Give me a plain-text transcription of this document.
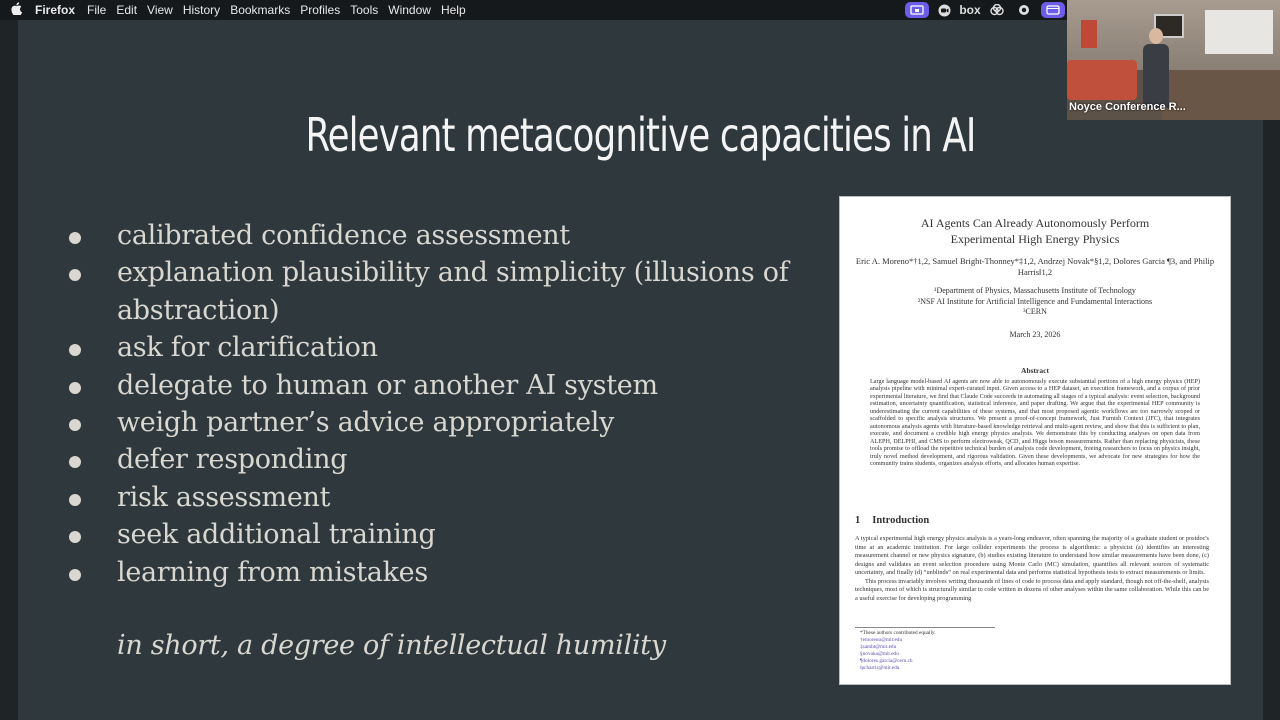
Firefox	File Edit View History Bookmarks Profiles Tools Window Help	box
Relevant metacognitive capacities in AI
calibrated confidence assessment
explanation plausibility and simplicity (illusions of abstraction)
ask for clarification
delegate to human or another AI system
weigh partner’s advice appropriately
defer responding
risk assessment
seek additional training
learning from mistakes
in short, a degree of intellectual humility
AI Agents Can Already Autonomously Perform
Experimental High Energy Physics
Eric A. Moreno*†1,2, Samuel Bright-Thonney*‡1,2, Andrzej Novak*§1,2, Dolores Garcia ¶3, and Philip Harris‖1,2
¹Department of Physics, Massachusetts Institute of Technology
²NSF AI Institute for Artificial Intelligence and Fundamental Interactions
³CERN
March 23, 2026
Abstract
Large language model-based AI agents are now able to autonomously execute substantial portions of a high energy physics (HEP) analysis pipeline with minimal expert-curated input. Given access to a HEP dataset, an execution framework, and a corpus of prior experimental literature, we find that Claude Code succeeds in automating all stages of a typical analysis: event selection, background estimation, uncertainty quantification, statistical inference, and paper drafting. We argue that the experimental HEP community is underestimating the current capabilities of these systems, and that most proposed agentic workflows are too narrowly scoped or scaffolded to specific analysis structures. We present a proof-of-concept framework, Just Furnish Context (JFC), that integrates autonomous analysis agents with literature-based knowledge retrieval and multi-agent review, and show that this is sufficient to plan, execute, and document a credible high energy physics analysis. We demonstrate this by conducting analyses on open data from ALEPH, DELPHI, and CMS to perform electroweak, QCD, and Higgs boson measurements. Rather than replacing physicists, these tools promise to offload the repetitive technical burden of analysis code development, freeing researchers to focus on physics insight, truly novel method development, and rigorous validation. Given these developments, we advocate for new strategies for how the community trains students, organizes analysis efforts, and allocates human expertise.
1 Introduction

A typical experimental high energy physics analysis is a years-long endeavor, often spanning the majority of a graduate student or postdoc's time at an academic institution. For large collider experiments the process is algorithmic: a physicist (a) identifies an interesting measurement channel or new physics signature, (b) studies existing literature to understand how similar measurements have been done, (c) designs and validates an event selection procedure using Monte Carlo (MC) simulation, quantifies all relevant sources of systematic uncertainty, and finally (d) “unblinds” on real experimental data and performs statistical hypothesis tests to extract measurements or limits.

This process invariably involves writing thousands of lines of code to process data and apply standard, though not off-the-shelf, analysis techniques, most of which is structurally similar to code written in dozens of other analyses within the same collaboration. While this can be a useful exercise for developing programming

*These authors contributed equally.
†emoreno@mit.edu
‡sambt@mit.edu
§novaka@mit.edu
¶dolores.garcia@cern.ch
‖pcharris@mit.edu
Noyce Conference R...
